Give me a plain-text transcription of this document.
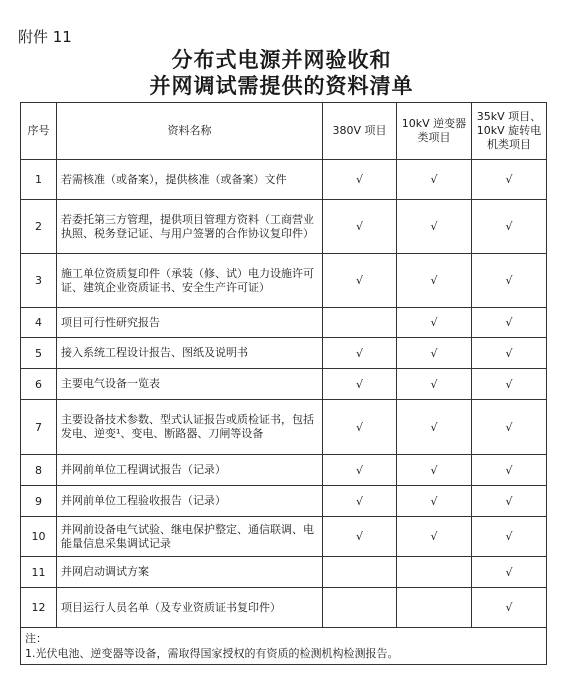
附件 11
分布式电源并网验收和
并网调试需提供的资料清单
序号	资料名称	380V 项目	10kV 逆变器类项目	35kV 项目、10kV 旋转电机类项目
1	若需核准（或备案），提供核准（或备案）文件	√	√	√
2	若委托第三方管理，提供项目管理方资料（工商营业执照、税务登记证、与用户签署的合作协议复印件）	√	√	√
3	施工单位资质复印件（承装（修、试）电力设施许可证、建筑企业资质证书、安全生产许可证）	√	√	√
4	项目可行性研究报告		√	√
5	接入系统工程设计报告、图纸及说明书	√	√	√
6	主要电气设备一览表	√	√	√
7	主要设备技术参数、型式认证报告或质检证书，包括发电、逆变¹、变电、断路器、刀闸等设备	√	√	√
8	并网前单位工程调试报告（记录）	√	√	√
9	并网前单位工程验收报告（记录）	√	√	√
10	并网前设备电气试验、继电保护整定、通信联调、电能量信息采集调试记录	√	√	√
11	并网启动调试方案			√
12	项目运行人员名单（及专业资质证书复印件）			√

注：
1.光伏电池、逆变器等设备，需取得国家授权的有资质的检测机构检测报告。				
